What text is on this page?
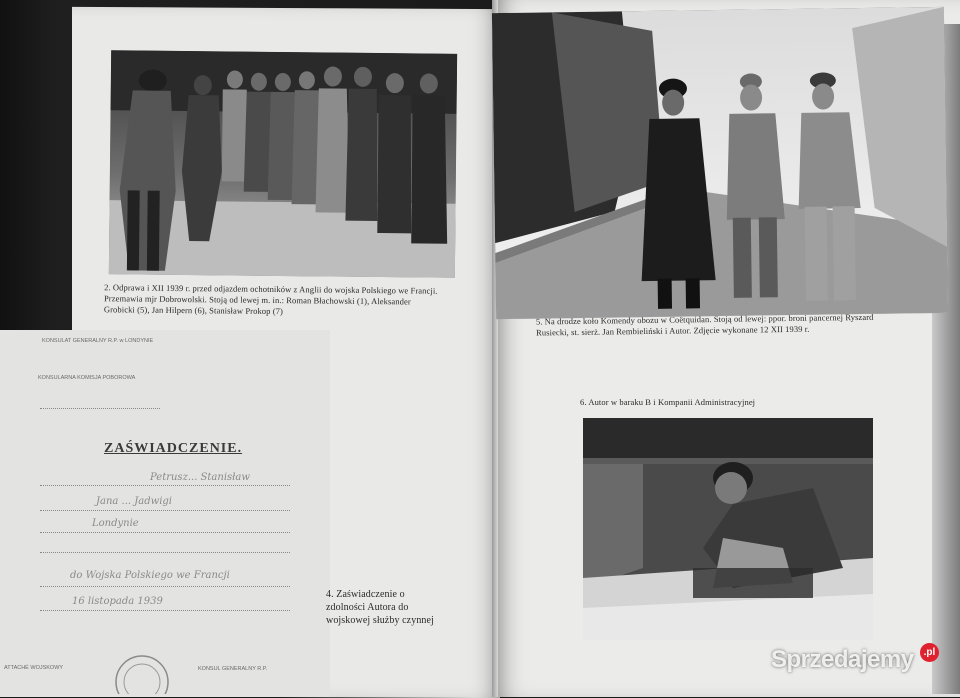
2. Odprawa i XII 1939 r. przed odjazdem ochotników z Anglii do wojska Polskiego we Francji. Przemawia mjr Dobrowolski. Stoją od lewej m. in.: Roman Błachowski (1), Aleksander Grobicki (5), Jan Hilpern (6), Stanisław Prokop (7)
KONSULAT GENERALNY R.P. w LONDYNIE
KONSULARNA KOMISJA POBOROWA
ZAŚWIADCZENIE.
Petrusz... Stanisław
Jana ... Jadwigi
Londynie
do Wojska Polskiego we Francji
16 listopada 1939
ATTACHÉ WOJSKOWY	KONSUL GENERALNY R.P.
4. Zaświadczenie o zdolności Autora do wojskowej służby czynnej
5. Na drodze koło Komendy obozu w Coëtquidan. Stoją od lewej: ppor. broni pancernej Ryszard Rusiecki, st. sierż. Jan Rembieliński i Autor. Zdjęcie wykonane 12 XII 1939 r.
6. Autor w baraku B i Kompanii Administracyjnej
Sprzedajemy	.pl
